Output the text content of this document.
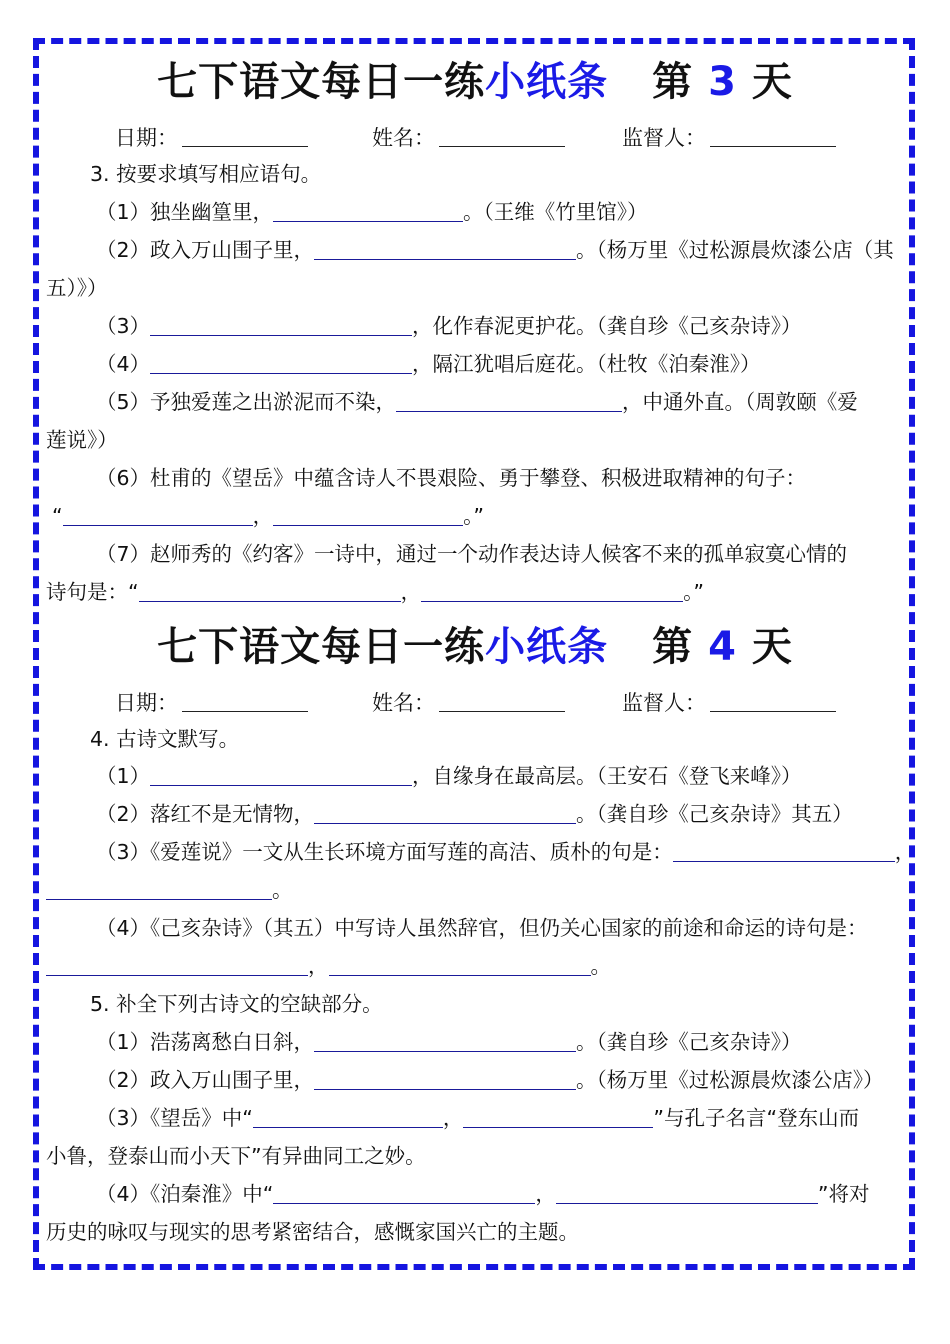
七下语文每日一练小纸条 第 3 天
日期：	姓名：	监督人：
3. 按要求填写相应语句。
（1）独坐幽篁里，	。（王维《竹里馆》）
（2）政入万山围子里，	。（杨万里《过松源晨炊漆公店（其
五）》）
（3）	，化作春泥更护花。（龚自珍《己亥杂诗》）
（4）	，隔江犹唱后庭花。（杜牧《泊秦淮》）
（5）予独爱莲之出淤泥而不染，	，中通外直。（周敦颐《爱
莲说》）
（6）杜甫的《望岳》中蕴含诗人不畏艰险、勇于攀登、积极进取精神的句子：
“	，	。”
（7）赵师秀的《约客》一诗中，通过一个动作表达诗人候客不来的孤单寂寞心情的
诗句是：“	，	。”
七下语文每日一练小纸条 第 4 天
日期：	姓名：	监督人：
4. 古诗文默写。
（1）	，自缘身在最高层。（王安石《登飞来峰》）
（2）落红不是无情物，	。（龚自珍《己亥杂诗》其五）
（3）《爱莲说》一文从生长环境方面写莲的高洁、质朴的句是：	，
。
（4）《己亥杂诗》（其五）中写诗人虽然辞官，但仍关心国家的前途和命运的诗句是：
，	。
5. 补全下列古诗文的空缺部分。
（1）浩荡离愁白日斜，	。（龚自珍《己亥杂诗》）
（2）政入万山围子里，	。（杨万里《过松源晨炊漆公店》）
（3）《望岳》中“	，	”与孔子名言“登东山而
小鲁，登泰山而小天下”有异曲同工之妙。
（4）《泊秦淮》中“	，	”将对
历史的咏叹与现实的思考紧密结合，感慨家国兴亡的主题。
